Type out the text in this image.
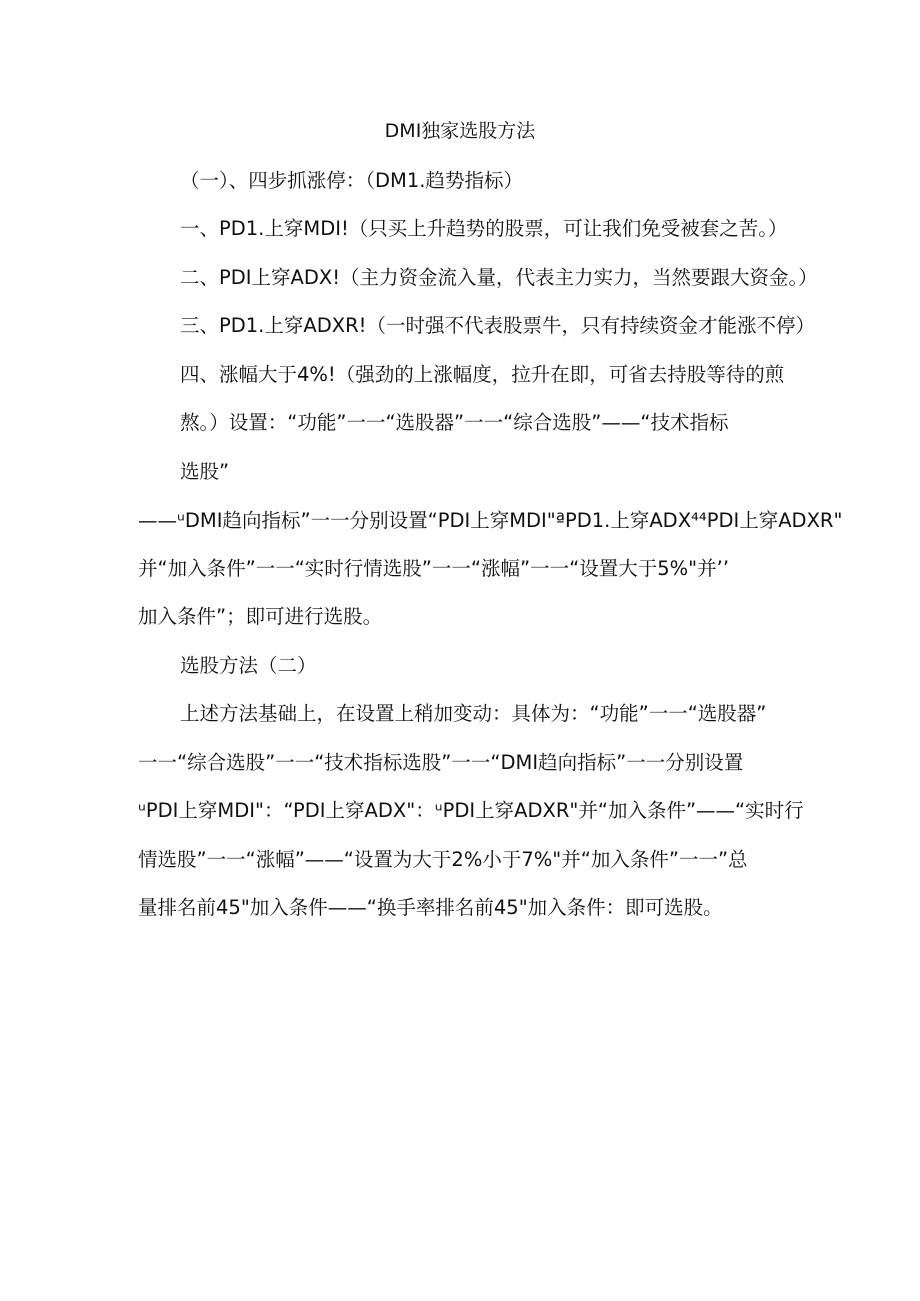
DMI独家选股方法
（一）、四步抓涨停：（DM1.趋势指标）
一、PD1.上穿MDI!（只买上升趋势的股票，可让我们免受被套之苦。）
二、PDI上穿ADX!（主力资金流入量，代表主力实力，当然要跟大资金。）
三、PD1.上穿ADXR!（一时强不代表股票牛，只有持续资金才能涨不停）
四、涨幅大于4%!（强劲的上涨幅度，拉升在即，可省去持股等待的煎
熬。）设置：“功能”一一“选股器”一一“综合选股”——“技术指标
选股”
——ᵘDMI趋向指标”一一分别设置“PDI上穿MDI"ªPD1.上穿ADX⁴⁴PDI上穿ADXR"
并“加入条件”一一“实时行情选股”一一“涨幅”一一“设置大于5%"并’’
加入条件”；即可进行选股。
选股方法（二）
上述方法基础上，在设置上稍加变动：具体为：“功能”一一“选股器”
一一“综合选股”一一“技术指标选股”一一“DMI趋向指标”一一分别设置
ᵘPDI上穿MDI"：“PDI上穿ADX"：ᵘPDI上穿ADXR"并“加入条件”——“实时行
情选股”一一“涨幅”——“设置为大于2%小于7%"并“加入条件”一一”总
量排名前45"加入条件——“换手率排名前45"加入条件：即可选股。
